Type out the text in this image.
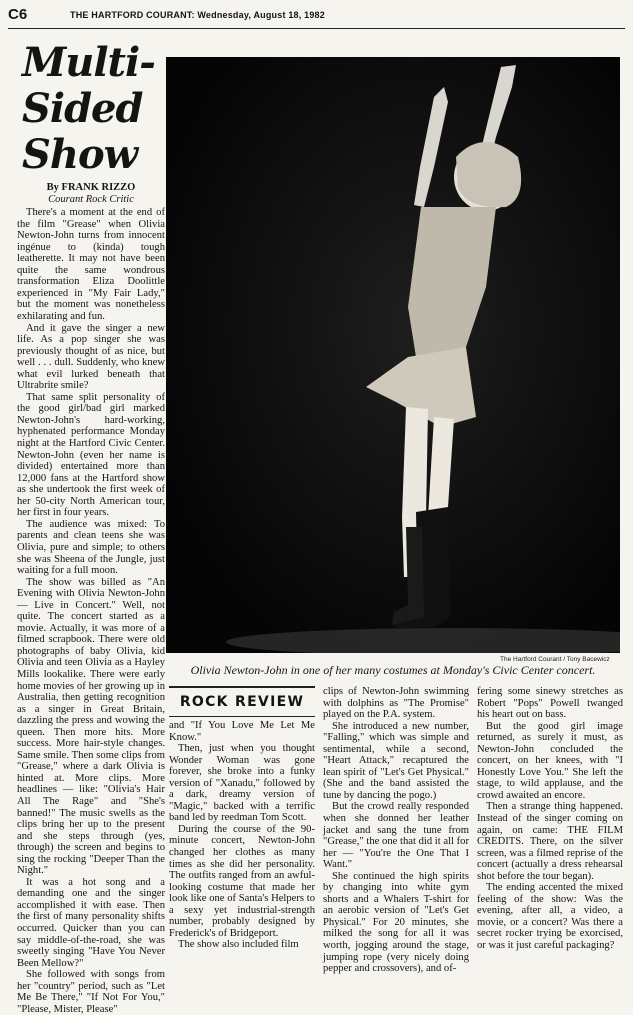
C6	THE HARTFORD COURANT: Wednesday, August 18, 1982
Multi-Sided Show
By FRANK RIZZO
Courant Rock Critic

There's a moment at the end of the film "Grease" when Olivia Newton-John turns from innocent ingénue to (kinda) tough leatherette. It may not have been quite the same wondrous transformation Eliza Doolittle experienced in "My Fair Lady," but the moment was nonetheless exhilarating and fun.

And it gave the singer a new life. As a pop singer she was previously thought of as nice, but well . . . dull. Suddenly, who knew what evil lurked beneath that Ultrabrite smile?

That same split personality of the good girl/bad girl marked Newton-John's hard-working, hyphenated performance Monday night at the Hartford Civic Center. Newton-John (even her name is divided) entertained more than 12,000 fans at the Hartford show as she undertook the first week of her 50-city North American tour, her first in four years.

The audience was mixed: To parents and clean teens she was Olivia, pure and simple; to others she was Sheena of the Jungle, just waiting for a full moon.

The show was billed as "An Evening with Olivia Newton-John — Live in Concert." Well, not quite. The concert started as a movie. Actually, it was more of a filmed scrapbook. There were old photographs of baby Olivia, kid Olivia and teen Olivia as a Hayley Mills lookalike. There were early home movies of her growing up in Australia, then getting recognition as a singer in Great Britain, dazzling the press and wowing the queen. Then more hits. More success. More hair-style changes. Same smile. Then some clips from "Grease," where a dark Olivia is hinted at. More clips. More headlines — like: "Olivia's Hair All The Rage" and "She's banned!" The music swells as the clips bring her up to the present and she steps through (yes, through) the screen and begins to sing the rocking "Deeper Than the Night."

It was a hot song and a demanding one and the singer accomplished it with ease. Then the first of many personality shifts occurred. Quicker than you can say middle-of-the-road, she was sweetly singing "Have You Never Been Mellow?"

She followed with songs from her "country" period, such as "Let Me Be There," "If Not For You," "Please, Mister, Please"

The Hartford Courant / Tony Bacewicz
Olivia Newton-John in one of her many costumes at Monday's Civic Center concert.
ROCK REVIEW

and "If You Love Me Let Me Know."

Then, just when you thought Wonder Woman was gone forever, she broke into a funky version of "Xanadu," followed by a dark, dreamy version of "Magic," backed with a terrific band led by reedman Tom Scott.

During the course of the 90-minute concert, Newton-John changed her clothes as many times as she did her personality. The outfits ranged from an awful-looking costume that made her look like one of Santa's Helpers to a sexy yet industrial-strength number, probably designed by Frederick's of Bridgeport.

The show also included film

clips of Newton-John swimming with dolphins as "The Promise" played on the P.A. system.

She introduced a new number, "Falling," which was simple and sentimental, while a second, "Heart Attack," recaptured the lean spirit of "Let's Get Physical." (She and the band assisted the tune by dancing the pogo.)

But the crowd really responded when she donned her leather jacket and sang the tune from "Grease," the one that did it all for her — "You're the One That I Want."

She continued the high spirits by changing into white gym shorts and a Whalers T-shirt for an aerobic version of "Let's Get Physical." For 20 minutes, she milked the song for all it was worth, jogging around the stage, jumping rope (very nicely doing pepper and crossovers), and of-

fering some sinewy stretches as Robert "Pops" Powell twanged his heart out on bass.

But the good girl image returned, as surely it must, as Newton-John concluded the concert, on her knees, with "I Honestly Love You." She left the stage, to wild applause, and the crowd awaited an encore.

Then a strange thing happened. Instead of the singer coming on again, on came: THE FILM CREDITS. There, on the silver screen, was a filmed reprise of the concert (actually a dress rehearsal shot before the tour began).

The ending accented the mixed feeling of the show: Was the evening, after all, a video, a movie, or a concert? Was there a secret rocker trying be exorcised, or was it just careful packaging?
